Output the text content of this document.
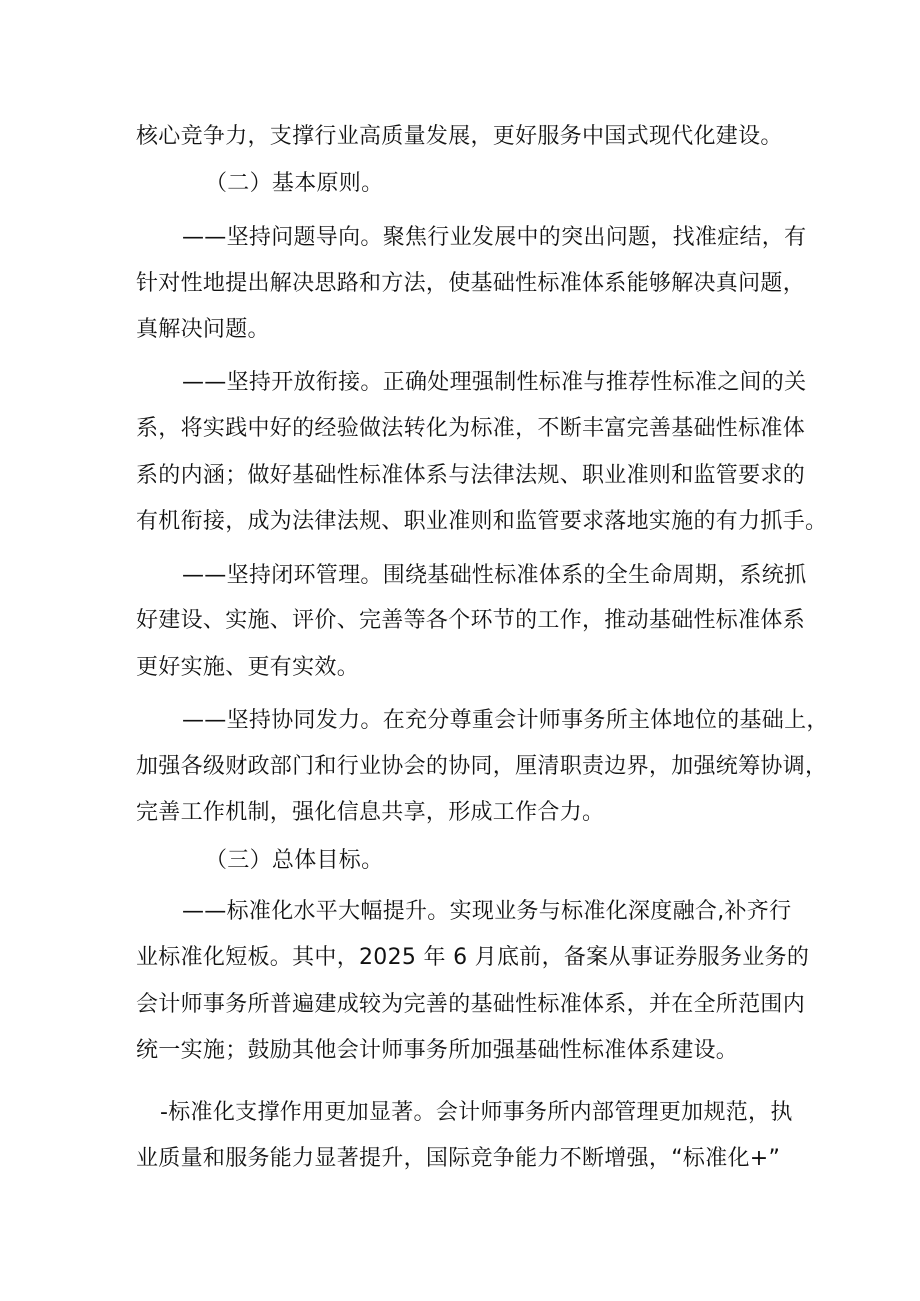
核心竞争力，支撑行业高质量发展，更好服务中国式现代化建设。
（二）基本原则。
——坚持问题导向。聚焦行业发展中的突出问题，找准症结，有
针对性地提出解决思路和方法，使基础性标准体系能够解决真问题，
真解决问题。
——坚持开放衔接。正确处理强制性标准与推荐性标准之间的关
系，将实践中好的经验做法转化为标准，不断丰富完善基础性标准体
系的内涵；做好基础性标准体系与法律法规、职业准则和监管要求的
有机衔接，成为法律法规、职业准则和监管要求落地实施的有力抓手。
——坚持闭环管理。围绕基础性标准体系的全生命周期，系统抓
好建设、实施、评价、完善等各个环节的工作，推动基础性标准体系
更好实施、更有实效。
——坚持协同发力。在充分尊重会计师事务所主体地位的基础上，
加强各级财政部门和行业协会的协同，厘清职责边界，加强统筹协调，
完善工作机制，强化信息共享，形成工作合力。
（三）总体目标。
——标准化水平大幅提升。实现业务与标准化深度融合,补齐行
业标准化短板。其中，2025 年 6 月底前，备案从事证券服务业务的
会计师事务所普遍建成较为完善的基础性标准体系，并在全所范围内
统一实施；鼓励其他会计师事务所加强基础性标准体系建设。
-标准化支撑作用更加显著。会计师事务所内部管理更加规范，执
业质量和服务能力显著提升，国际竞争能力不断增强，“标准化+”
